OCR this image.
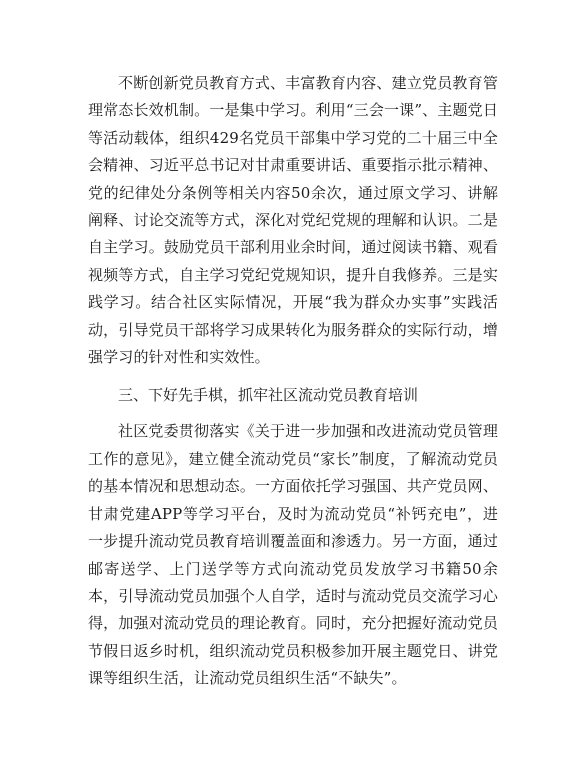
不断创新党员教育方式、丰富教育内容、建立党员教育管理常态长效机制。一是集中学习。利用“三会一课”、主题党日等活动载体，组织429名党员干部集中学习党的二十届三中全会精神、习近平总书记对甘肃重要讲话、重要指示批示精神、党的纪律处分条例等相关内容50余次，通过原文学习、讲解阐释、讨论交流等方式，深化对党纪党规的理解和认识。二是自主学习。鼓励党员干部利用业余时间，通过阅读书籍、观看视频等方式，自主学习党纪党规知识，提升自我修养。三是实践学习。结合社区实际情况，开展“我为群众办实事”实践活动，引导党员干部将学习成果转化为服务群众的实际行动，增强学习的针对性和实效性。

三、下好先手棋，抓牢社区流动党员教育培训

社区党委贯彻落实《关于进一步加强和改进流动党员管理工作的意见》，建立健全流动党员“家长”制度，了解流动党员的基本情况和思想动态。一方面依托学习强国、共产党员网、甘肃党建APP等学习平台，及时为流动党员“补钙充电”，进一步提升流动党员教育培训覆盖面和渗透力。另一方面，通过邮寄送学、上门送学等方式向流动党员发放学习书籍50余本，引导流动党员加强个人自学，适时与流动党员交流学习心得，加强对流动党员的理论教育。同时，充分把握好流动党员节假日返乡时机，组织流动党员积极参加开展主题党日、讲党课等组织生活，让流动党员组织生活“不缺失”。
